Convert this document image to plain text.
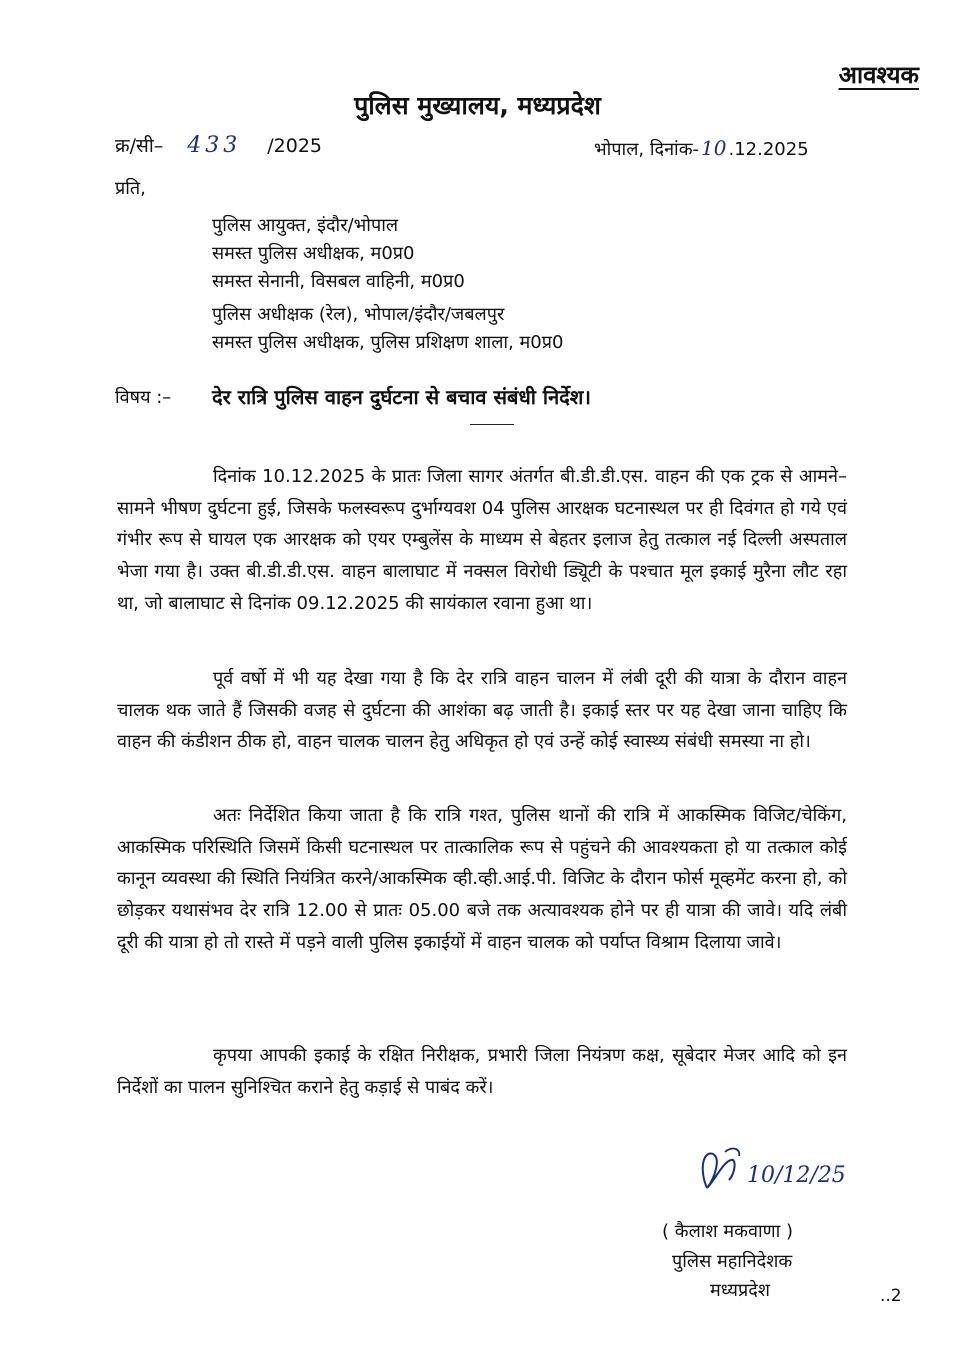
आवश्यक
पुलिस मुख्यालय, मध्यप्रदेश
क्र/सी– 433 /2025	भोपाल, दिनांक- 10 .12.2025
प्रति,
पुलिस आयुक्त, इंदौर/भोपाल
समस्त पुलिस अधीक्षक, म0प्र0
समस्त सेनानी, विसबल वाहिनी, म0प्र0
पुलिस अधीक्षक (रेल), भोपाल/इंदौर/जबलपुर
समस्त पुलिस अधीक्षक, पुलिस प्रशिक्षण शाला, म0प्र0
विषय :– देर रात्रि पुलिस वाहन दुर्घटना से बचाव संबंधी निर्देश।

दिनांक 10.12.2025 के प्रातः जिला सागर अंतर्गत बी.डी.डी.एस. वाहन की एक ट्रक से आमने–सामने भीषण दुर्घटना हुई, जिसके फलस्वरूप दुर्भाग्यवश 04 पुलिस आरक्षक घटनास्थल पर ही दिवंगत हो गये एवं गंभीर रूप से घायल एक आरक्षक को एयर एम्बुलेंस के माध्यम से बेहतर इलाज हेतु तत्काल नई दिल्ली अस्पताल भेजा गया है। उक्त बी.डी.डी.एस. वाहन बालाघाट में नक्सल विरोधी ड्यिूटी के पश्चात मूल इकाई मुरैना लौट रहा था, जो बालाघाट से दिनांक 09.12.2025 की सायंकाल रवाना हुआ था।

पूर्व वर्षो में भी यह देखा गया है कि देर रात्रि वाहन चालन में लंबी दूरी की यात्रा के दौरान वाहन चालक थक जाते हैं जिसकी वजह से दुर्घटना की आशंका बढ़ जाती है। इकाई स्तर पर यह देखा जाना चाहिए कि वाहन की कंडीशन ठीक हो, वाहन चालक चालन हेतु अधिकृत हो एवं उन्हें कोई स्वास्थ्य संबंधी समस्या ना हो।

अतः निर्देशित किया जाता है कि रात्रि गश्त, पुलिस थानों की रात्रि में आकस्मिक विजिट/चेकिंग, आकस्मिक परिस्थिति जिसमें किसी घटनास्थल पर तात्कालिक रूप से पहुंचने की आवश्यकता हो या तत्काल कोई कानून व्यवस्था की स्थिति नियंत्रित करने/आकस्मिक व्ही.व्ही.आई.पी. विजिट के दौरान फोर्स मूव्हमेंट करना हो, को छोड़कर यथासंभव देर रात्रि 12.00 से प्रातः 05.00 बजे तक अत्यावश्यक होने पर ही यात्रा की जावे। यदि लंबी दूरी की यात्रा हो तो रास्ते में पड़ने वाली पुलिस इकाईयों में वाहन चालक को पर्याप्त विश्राम दिलाया जावे।

कृपया आपकी इकाई के रक्षित निरीक्षक, प्रभारी जिला नियंत्रण कक्ष, सूबेदार मेजर आदि को इन निर्देशों का पालन सुनिश्चित कराने हेतु कड़ाई से पाबंद करें।

10/12/25
( कैलाश मकवाणा )
पुलिस महानिदेशक
मध्यप्रदेश	..2
